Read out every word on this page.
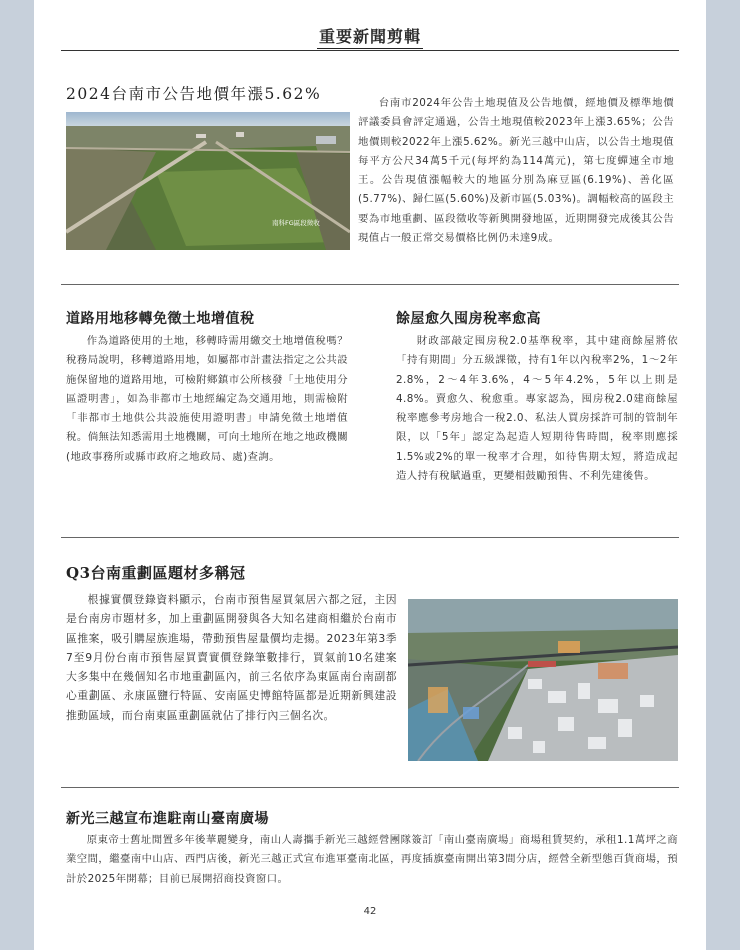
重要新聞剪輯
2024台南市公告地價年漲5.62%
南科FG區段徵收

台南市2024年公告土地現值及公告地價，經地價及標準地價評議委員會評定通過，公告土地現值較2023年上漲3.65%；公告地價則較2022年上漲5.62%。新光三越中山店，以公告土地現值每平方公尺34萬5千元(每坪約為114萬元)，第七度蟬連全市地王。公告現值漲幅較大的地區分別為麻豆區(6.19%)、善化區(5.77%)、歸仁區(5.60%)及新市區(5.03%)。調幅較高的區段主要為市地重劃、區段徵收等新興開發地區，近期開發完成後其公告現值占一般正常交易價格比例仍未達9成。

道路用地移轉免徵土地增值稅

作為道路使用的土地，移轉時需用繳交土地增值稅嗎？稅務局說明，移轉道路用地，如屬都市計畫法指定之公共設施保留地的道路用地，可檢附鄉鎮市公所核發「土地使用分區證明書」，如為非都市土地經編定為交通用地，則需檢附「非都市土地供公共設施使用證明書」申請免徵土地增值稅。倘無法知悉需用土地機關，可向土地所在地之地政機關(地政事務所或縣市政府之地政局、處)查詢。

餘屋愈久囤房稅率愈高

財政部敲定囤房稅2.0基準稅率，其中建商餘屋將依「持有期間」分五級課徵，持有1年以內稅率2%，1～2年2.8%，2～4年3.6%，4～5年4.2%，5年以上則是4.8%。賣愈久、稅愈重。專家認為，囤房稅2.0建商餘屋稅率應參考房地合一稅2.0、私法人買房採許可制的管制年限，以「5年」認定為起造人短期待售時間，稅率則應採1.5%或2%的單一稅率才合理，如待售期太短，將造成起造人持有稅賦過重，更變相鼓勵預售、不利先建後售。

Q3台南重劃區題材多稱冠

根據實價登錄資料顯示，台南市預售屋買氣居六都之冠，主因是台南房市題材多，加上重劃區開發與各大知名建商相繼於台南市區推案，吸引購屋族進場，帶動預售屋量價均走揚。2023年第3季7至9月份台南市預售屋買賣實價登錄筆數排行，買氣前10名建案大多集中在幾個知名市地重劃區內，前三名依序為東區南台南副都心重劃區、永康區鹽行特區、安南區史博館特區都是近期新興建設推動區域，而台南東區重劃區就佔了排行內三個名次。

新光三越宣布進駐南山臺南廣場

原東帝士舊址閒置多年後華麗變身，南山人壽攜手新光三越經營團隊簽訂「南山臺南廣場」商場租賃契約，承租1.1萬坪之商業空間，繼臺南中山店、西門店後，新光三越正式宣布進軍臺南北區，再度插旗臺南開出第3間分店，經營全新型態百貨商場，預計於2025年開幕；目前已展開招商投資窗口。

42
